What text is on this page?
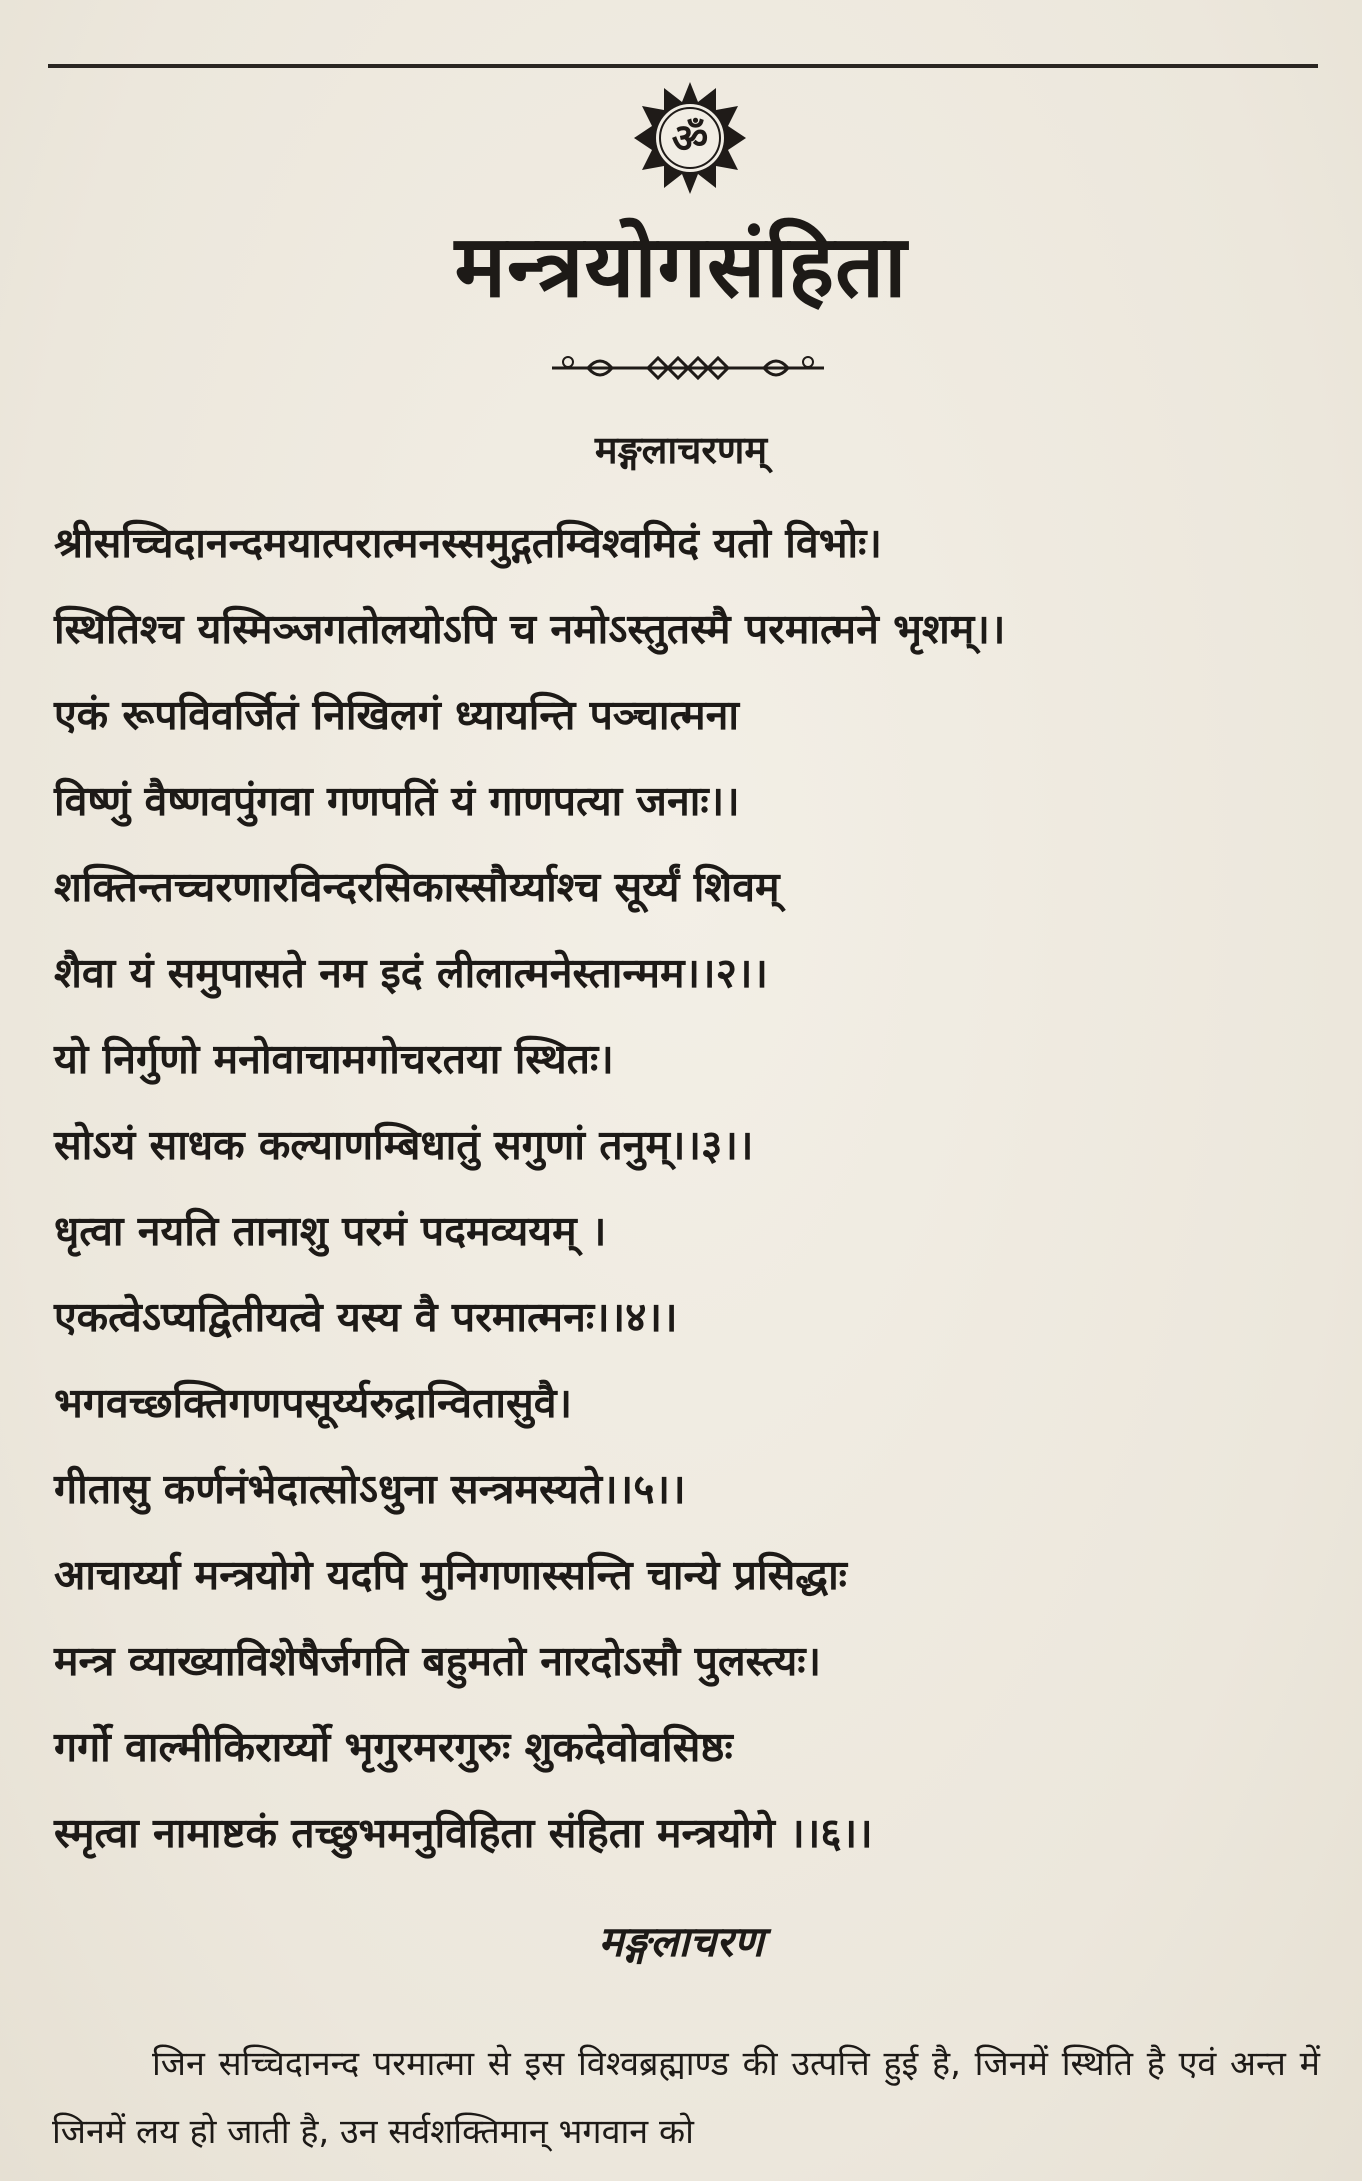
ॐ
मन्त्रयोगसंहिता
मङ्गलाचरणम्
श्रीसच्चिदानन्दमयात्परात्मनस्समुद्गतम्विश्वमिदं यतो विभोः।
स्थितिश्च यस्मिञ्जगतोलयोऽपि च नमोऽस्तुतस्मै परमात्मने भृशम्।।
एकं रूपविवर्जितं निखिलगं ध्यायन्ति पञ्चात्मना
विष्णुं वैष्णवपुंगवा गणपतिं यं गाणपत्या जनाः।।
शक्तिन्तच्चरणारविन्दरसिकास्सौर्य्याश्च सूर्य्यं शिवम्
शैवा यं समुपासते नम इदं लीलात्मनेस्तान्मम।।२।।
यो निर्गुणो मनोवाचामगोचरतया स्थितः।
सोऽयं साधक कल्याणम्बिधातुं सगुणां तनुम्।।३।।
धृत्वा नयति तानाशु परमं पदमव्ययम् ।
एकत्वेऽप्यद्वितीयत्वे यस्य वै परमात्मनः।।४।।
भगवच्छक्तिगणपसूर्य्यरुद्रान्वितासुवै।
गीतासु कर्णनंभेदात्सोऽधुना सन्त्रमस्यते।।५।।
आचार्य्या मन्त्रयोगे यदपि मुनिगणास्सन्ति चान्ये प्रसिद्धाः
मन्त्र व्याख्याविशेषैर्जगति बहुमतो नारदोऽसौ पुलस्त्यः।
गर्गो वाल्मीकिरार्य्यो भृगुरमरगुरुः शुकदेवोवसिष्ठः
स्मृत्वा नामाष्टकं तच्छुभमनुविहिता संहिता मन्त्रयोगे ।।६।।
मङ्गलाचरण

जिन सच्चिदानन्द परमात्मा से इस विश्वब्रह्माण्ड की उत्पत्ति हुई है, जिनमें स्थिति है एवं अन्त में जिनमें लय हो जाती है, उन सर्वशक्तिमान् भगवान को
